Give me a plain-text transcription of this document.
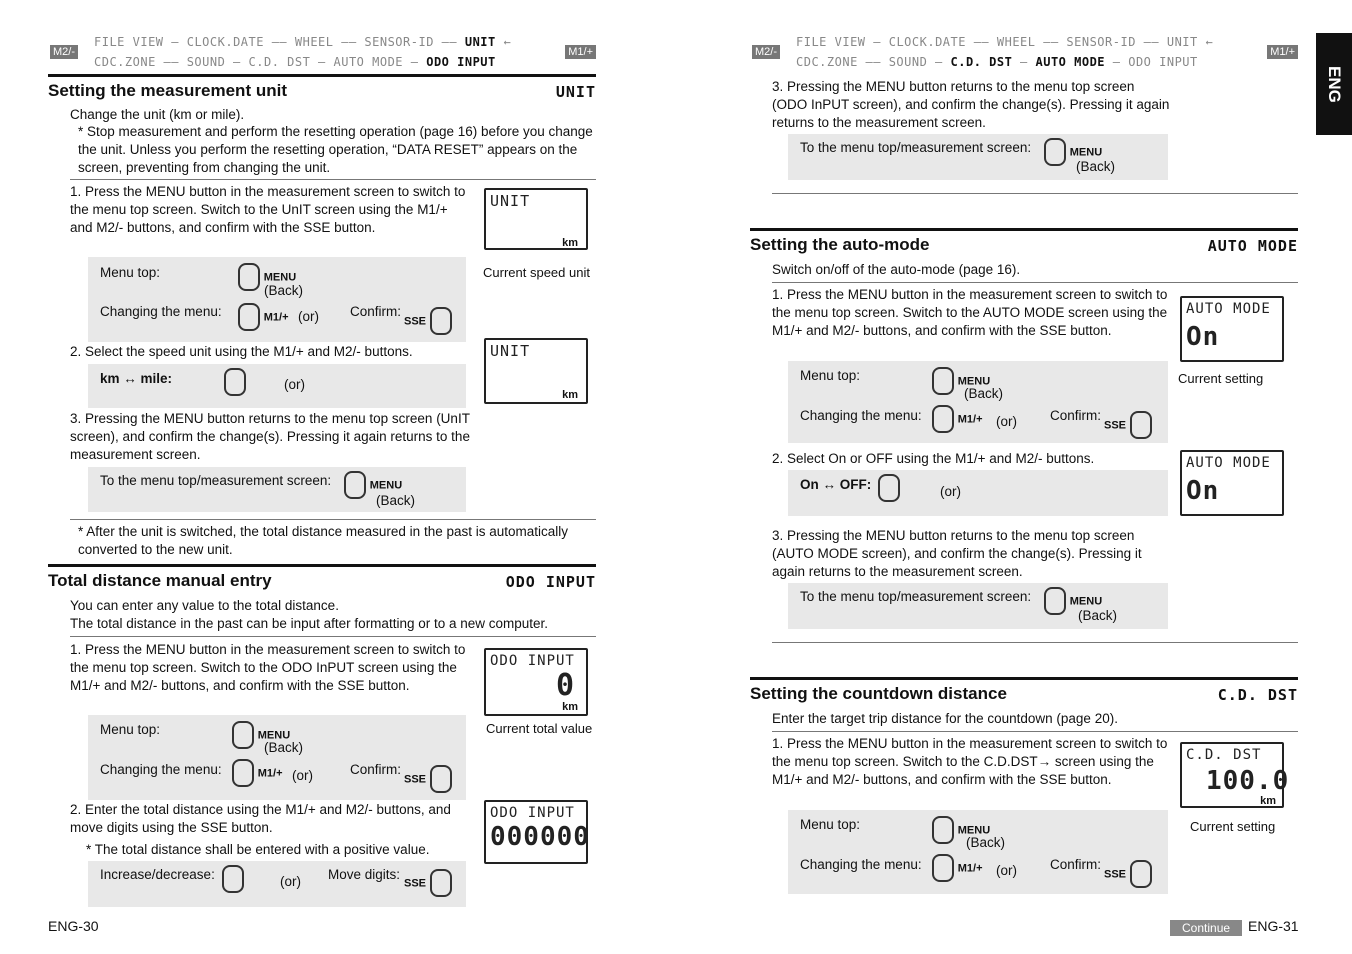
M2/-
FILE VIEW — CLOCK.DATE —— WHEEL —— SENSOR-ID —— UNIT ←
CDC.ZONE —— SOUND — C.D. DST — AUTO MODE — ODO INPUT
M1/+
Setting the measurement unit	UNIT
Change the unit (km or mile).
* Stop measurement and perform the resetting operation (page 16) before you change the unit. Unless you perform the resetting operation, “DATA RESET” appears on the screen, preventing from changing the unit.
1. Press the MENU button in the measurement screen to switch to the menu top screen. Switch to the UnIT screen using the M1/+ and M2/- buttons, and confirm with the SSE button.
Menu top:	MENU
(Back)
Changing the menu:	M1/+ (or) Confirm:
SSE
UNIT
km
Current speed unit
2. Select the speed unit using the M1/+ and M2/- buttons.
km ↔ mile:	(or)
UNIT
km
3. Pressing the MENU button returns to the menu top screen (UnIT screen), and confirm the change(s). Pressing it again returns to the measurement screen.
To the menu top/measurement screen:	MENU
(Back)
* After the unit is switched, the total distance measured in the past is automatically converted to the new unit.
Total distance manual entry	ODO INPUT
You can enter any value to the total distance.
The total distance in the past can be input after formatting or to a new computer.
1. Press the MENU button in the measurement screen to switch to the menu top screen. Switch to the ODO InPUT screen using the M1/+ and M2/- buttons, and confirm with the SSE button.
Menu top:	MENU
(Back)
Changing the menu:	M1/+ (or)	Confirm:
SSE
ODO INPUT
0
km
Current total value
2. Enter the total distance using the M1/+ and M2/- buttons, and move digits using the SSE button.
* The total distance shall be entered with a positive value.
Increase/decrease:	(or) Move digits:
SSE
ODO INPUT
000000
ENG-30
M2/-
FILE VIEW — CLOCK.DATE —— WHEEL —— SENSOR-ID —— UNIT ←
CDC.ZONE —— SOUND — C.D. DST — AUTO MODE — ODO INPUT
M1/+
3. Pressing the MENU button returns to the menu top screen (ODO InPUT screen), and confirm the change(s). Pressing it again returns to the measurement screen.
To the menu top/measurement screen:	MENU
(Back)
Setting the auto-mode	AUTO MODE
Switch on/off of the auto-mode (page 16).
1. Press the MENU button in the measurement screen to switch to the menu top screen. Switch to the AUTO MODE screen using the M1/+ and M2/- buttons, and confirm with the SSE button.
Menu top:	MENU
(Back)
Changing the menu:	M1/+ (or) Confirm:
SSE
AUTO MODE
On
Current setting
2. Select On or OFF using the M1/+ and M2/- buttons.
On ↔ OFF:	(or)
AUTO MODE
On
3. Pressing the MENU button returns to the menu top screen (AUTO MODE screen), and confirm the change(s). Pressing it again returns to the measurement screen.
To the menu top/measurement screen:	MENU
(Back)
Setting the countdown distance	C.D. DST
Enter the target trip distance for the countdown (page 20).
1. Press the MENU button in the measurement screen to switch to the menu top screen. Switch to the C.D.DST→ screen using the M1/+ and M2/- buttons, and confirm with the SSE button.
Menu top:	MENU
(Back)
Changing the menu:	M1/+ (or) Confirm:
SSE
C.D. DST
100.0
km
Current setting
ENG-31
ENG
Continue
